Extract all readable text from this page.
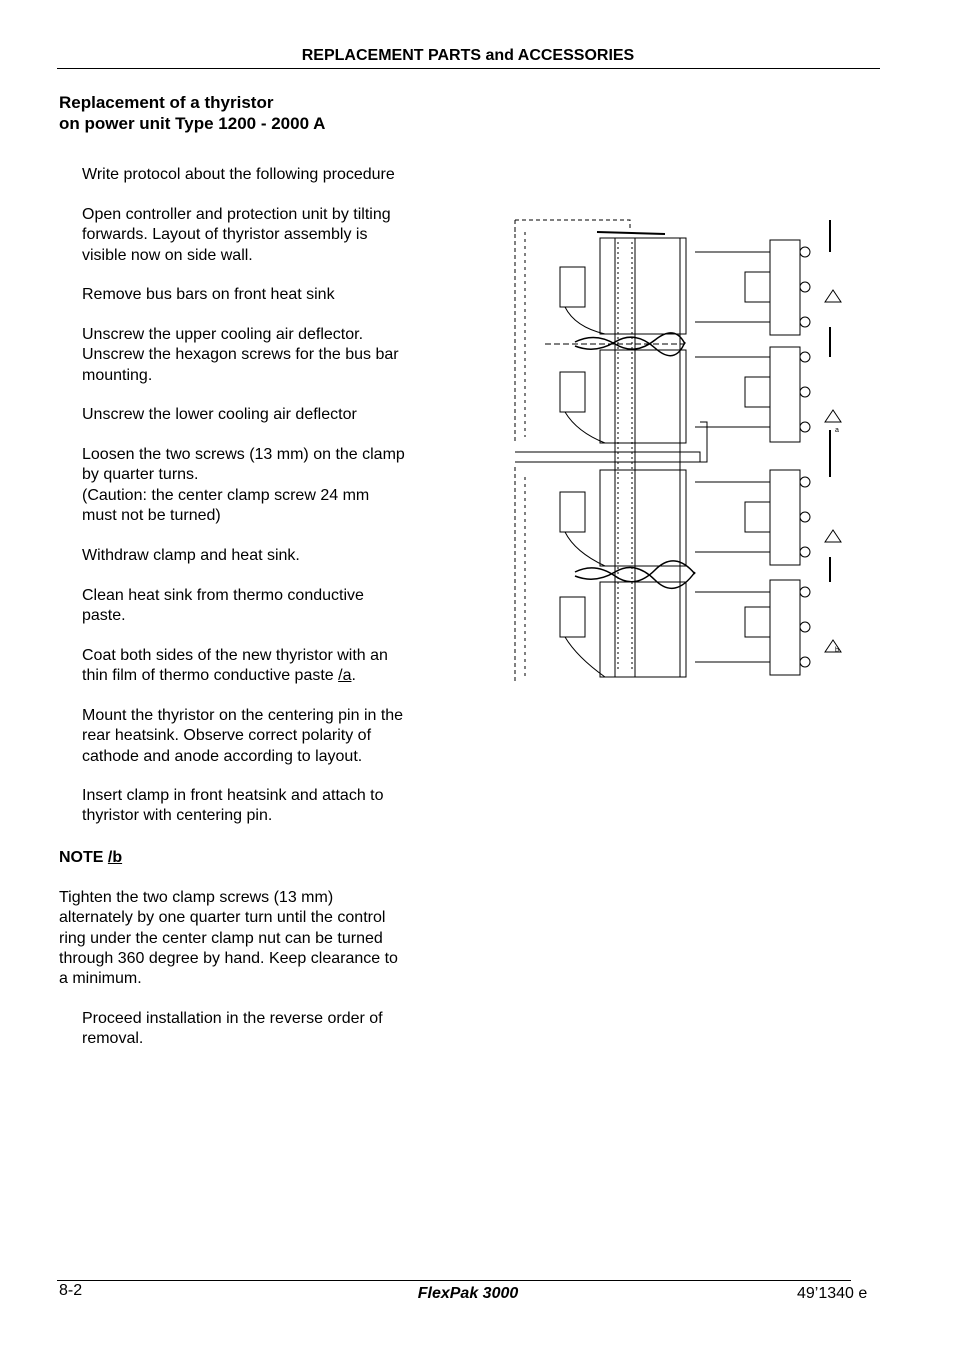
REPLACEMENT PARTS and ACCESSORIES
Replacement of a thyristor
on power unit Type 1200 - 2000 A
Write protocol about the following procedure
Open controller and protection unit by tilting
forwards. Layout of thyristor assembly is
visible now on side wall.
Remove bus bars on front heat sink
Unscrew the upper cooling air deflector.
Unscrew the hexagon screws for the bus bar
mounting.
Unscrew the lower cooling air deflector
Loosen the two screws (13 mm) on the clamp
by quarter turns.
(Caution: the center clamp screw 24 mm
must not be turned)
Withdraw clamp and heat sink.
Clean heat sink from thermo conductive
paste.
Coat both sides of the new thyristor with an
thin film of thermo conductive paste /a.
Mount the thyristor on the centering pin in the
rear heatsink. Observe correct polarity of
cathode and anode according to layout.
Insert clamp in front heatsink and attach to
thyristor with centering pin.
NOTE /b
Tighten the two clamp screws (13 mm)
alternately by one quarter turn until the control
ring under the center clamp nut can be turned
through 360 degree by hand. Keep clearance to
a minimum.
Proceed installation in the reverse order of
removal.
a
b
8-2	FlexPak 3000	49’1340 e
